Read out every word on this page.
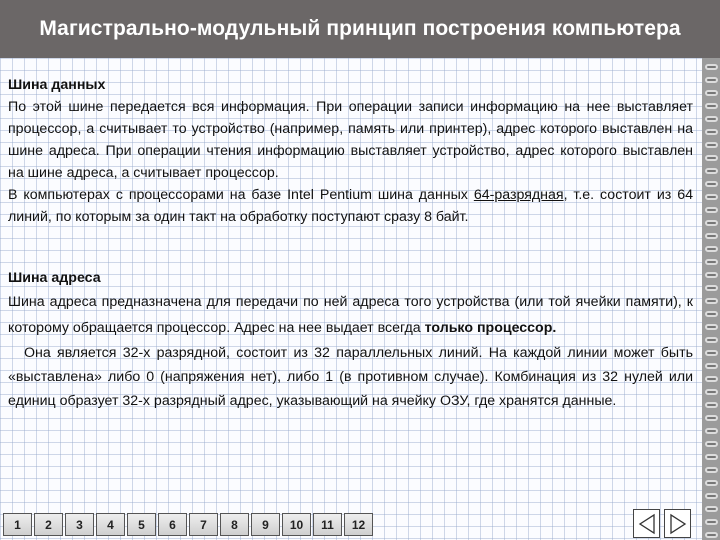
Магистрально-модульный принцип построения компьютера

Шина данных

По этой шине передается вся информация. При операции записи информацию на нее выставляет процессор, а считывает то устройство (например, память или принтер), адрес которого выставлен на шине адреса. При операции чтения информацию выставляет устройство, адрес которого выставлен на шине адреса, а считывает процессор.

В компьютерах с процессорами на базе Intel Pentium шина данных 64-разрядная, т.е. состоит из 64 линий, по которым за один такт на обработку поступают сразу 8 байт.

Шина адреса

Шина адреса предназначена для передачи по ней адреса того устройства (или той ячейки памяти), к которому обращается процессор. Адрес на нее выдает всегда только процессор.

Она является 32-х разрядной, состоит из 32 параллельных линий. На каждой линии может быть «выставлена» либо 0 (напряжения нет), либо 1 (в противном случае). Комбинация из 32 нулей или единиц образует 32-х разрядный адрес, указывающий на ячейку ОЗУ, где хранятся данные.

1	2	3	4	5	6	7	8	9	10	11	12
